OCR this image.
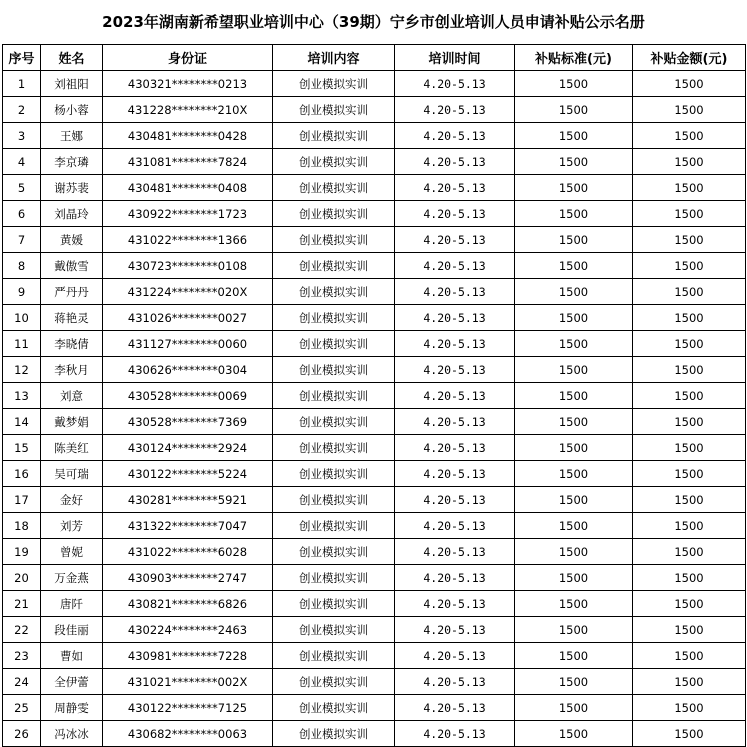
2023年湖南新希望职业培训中心（39期）宁乡市创业培训人员申请补贴公示名册
序号	姓名	身份证	培训内容	培训时间	补贴标准(元)	补贴金额(元)
1	刘祖阳	430321********0213	创业模拟实训	4.20-5.13	1500	1500
2	杨小蓉	431228********210X	创业模拟实训	4.20-5.13	1500	1500
3	王娜	430481********0428	创业模拟实训	4.20-5.13	1500	1500
4	李京璘	431081********7824	创业模拟实训	4.20-5.13	1500	1500
5	谢苏裴	430481********0408	创业模拟实训	4.20-5.13	1500	1500
6	刘晶玲	430922********1723	创业模拟实训	4.20-5.13	1500	1500
7	黄媛	431022********1366	创业模拟实训	4.20-5.13	1500	1500
8	戴傲雪	430723********0108	创业模拟实训	4.20-5.13	1500	1500
9	严丹丹	431224********020X	创业模拟实训	4.20-5.13	1500	1500
10	蒋艳灵	431026********0027	创业模拟实训	4.20-5.13	1500	1500
11	李晓倩	431127********0060	创业模拟实训	4.20-5.13	1500	1500
12	李秋月	430626********0304	创业模拟实训	4.20-5.13	1500	1500
13	刘意	430528********0069	创业模拟实训	4.20-5.13	1500	1500
14	戴梦娟	430528********7369	创业模拟实训	4.20-5.13	1500	1500
15	陈美红	430124********2924	创业模拟实训	4.20-5.13	1500	1500
16	吴可瑞	430122********5224	创业模拟实训	4.20-5.13	1500	1500
17	金好	430281********5921	创业模拟实训	4.20-5.13	1500	1500
18	刘芳	431322********7047	创业模拟实训	4.20-5.13	1500	1500
19	曾妮	431022********6028	创业模拟实训	4.20-5.13	1500	1500
20	万金燕	430903********2747	创业模拟实训	4.20-5.13	1500	1500
21	唐阡	430821********6826	创业模拟实训	4.20-5.13	1500	1500
22	段佳丽	430224********2463	创业模拟实训	4.20-5.13	1500	1500
23	曹如	430981********7228	创业模拟实训	4.20-5.13	1500	1500
24	全伊蕾	431021********002X	创业模拟实训	4.20-5.13	1500	1500
25	周静雯	430122********7125	创业模拟实训	4.20-5.13	1500	1500
26	冯冰冰	430682********0063	创业模拟实训	4.20-5.13	1500	1500
